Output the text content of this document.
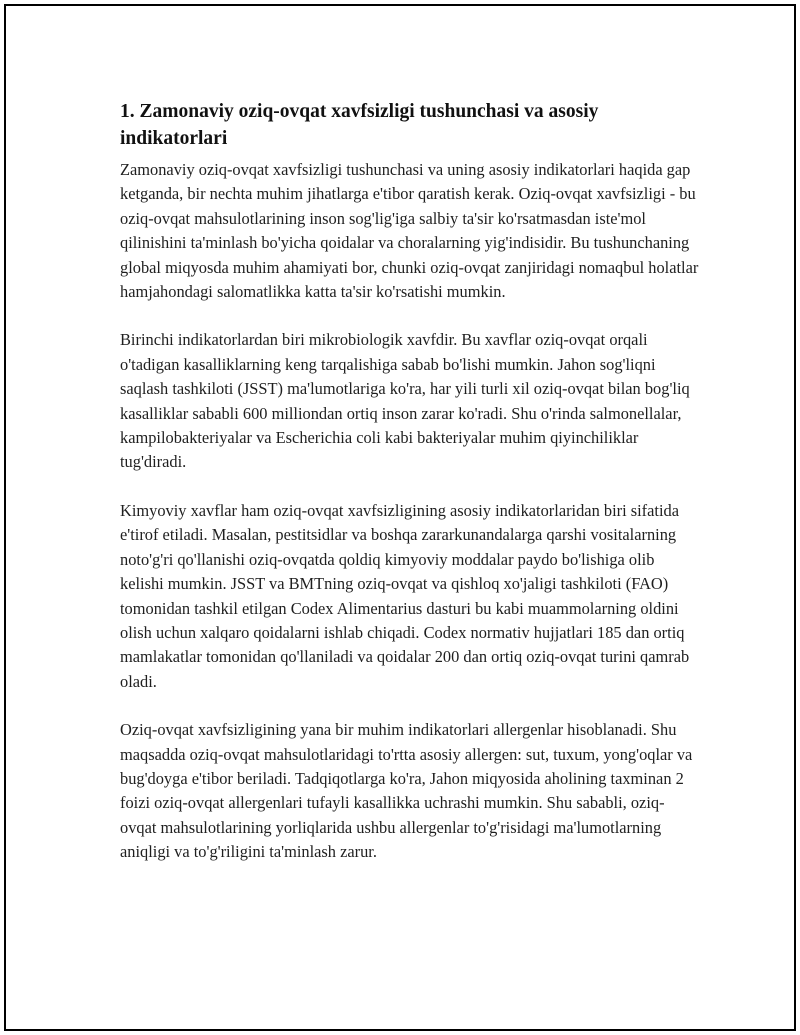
1. Zamonaviy oziq-ovqat xavfsizligi tushunchasi va asosiy indikatorlari

Zamonaviy oziq-ovqat xavfsizligi tushunchasi va uning asosiy indikatorlari haqida gap ketganda, bir nechta muhim jihatlarga e'tibor qaratish kerak. Oziq-ovqat xavfsizligi - bu oziq-ovqat mahsulotlarining inson sog'lig'iga salbiy ta'sir ko'rsatmasdan iste'mol qilinishini ta'minlash bo'yicha qoidalar va choralarning yig'indisidir. Bu tushunchaning global miqyosda muhim ahamiyati bor, chunki oziq-ovqat zanjiridagi nomaqbul holatlar hamjahondagi salomatlikka katta ta'sir ko'rsatishi mumkin.

Birinchi indikatorlardan biri mikrobiologik xavfdir. Bu xavflar oziq-ovqat orqali o'tadigan kasalliklarning keng tarqalishiga sabab bo'lishi mumkin. Jahon sog'liqni saqlash tashkiloti (JSST) ma'lumotlariga ko'ra, har yili turli xil oziq-ovqat bilan bog'liq kasalliklar sababli 600 milliondan ortiq inson zarar ko'radi. Shu o'rinda salmonellalar, kampilobakteriyalar va Escherichia coli kabi bakteriyalar muhim qiyinchiliklar tug'diradi.

Kimyoviy xavflar ham oziq-ovqat xavfsizligining asosiy indikatorlaridan biri sifatida e'tirof etiladi. Masalan, pestitsidlar va boshqa zararkunandalarga qarshi vositalarning noto'g'ri qo'llanishi oziq-ovqatda qoldiq kimyoviy moddalar paydo bo'lishiga olib kelishi mumkin. JSST va BMTning oziq-ovqat va qishloq xo'jaligi tashkiloti (FAO) tomonidan tashkil etilgan Codex Alimentarius dasturi bu kabi muammolarning oldini olish uchun xalqaro qoidalarni ishlab chiqadi. Codex normativ hujjatlari 185 dan ortiq mamlakatlar tomonidan qo'llaniladi va qoidalar 200 dan ortiq oziq-ovqat turini qamrab oladi.

Oziq-ovqat xavfsizligining yana bir muhim indikatorlari allergenlar hisoblanadi. Shu maqsadda oziq-ovqat mahsulotlaridagi to'rtta asosiy allergen: sut, tuxum, yong'oqlar va bug'doyga e'tibor beriladi. Tadqiqotlarga ko'ra, Jahon miqyosida aholining taxminan 2 foizi oziq-ovqat allergenlari tufayli kasallikka uchrashi mumkin. Shu sababli, oziq-ovqat mahsulotlarining yorliqlarida ushbu allergenlar to'g'risidagi ma'lumotlarning aniqligi va to'g'riligini ta'minlash zarur.
